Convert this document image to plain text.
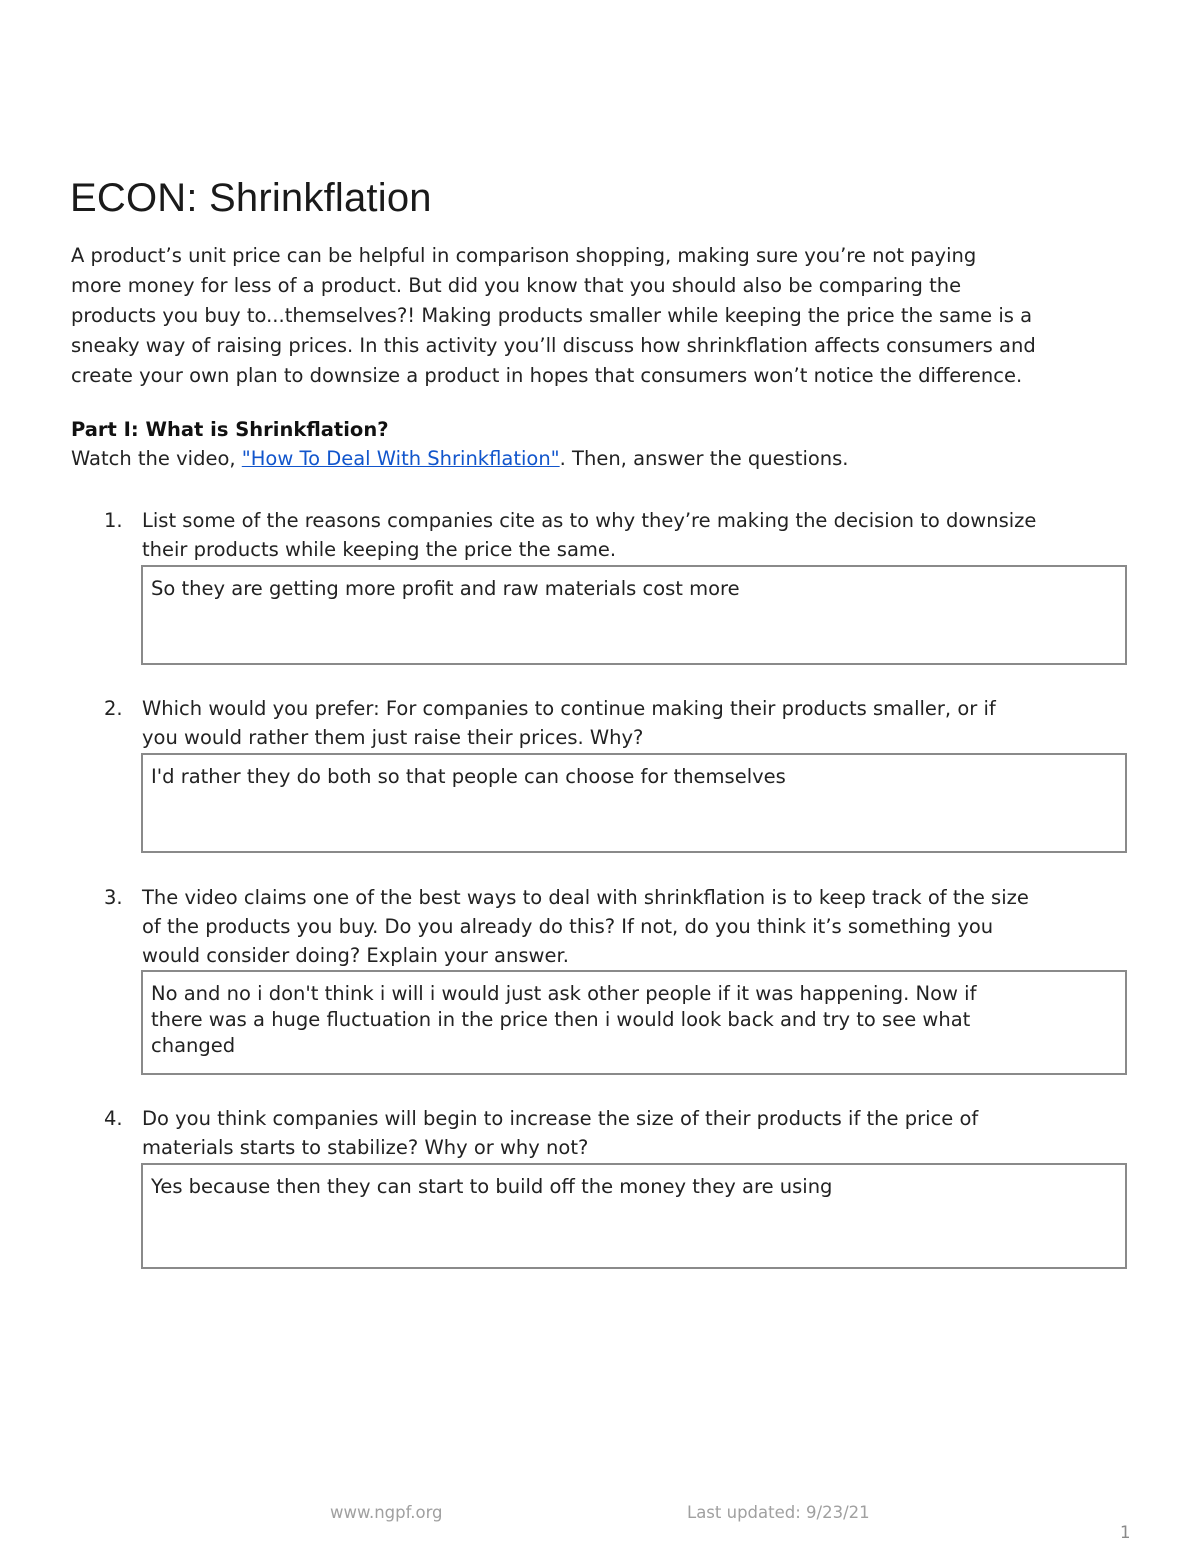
ECON: Shrinkflation
A product’s unit price can be helpful in comparison shopping, making sure you’re not paying
more money for less of a product. But did you know that you should also be comparing the
products you buy to...themselves?! Making products smaller while keeping the price the same is a
sneaky way of raising prices. In this activity you’ll discuss how shrinkflation affects consumers and
create your own plan to downsize a product in hopes that consumers won’t notice the difference.
Part I: What is Shrinkflation?
Watch the video, "How To Deal With Shrinkflation". Then, answer the questions.
1. List some of the reasons companies cite as to why they’re making the decision to downsize
their products while keeping the price the same.
So they are getting more profit and raw materials cost more
2. Which would you prefer: For companies to continue making their products smaller, or if
you would rather them just raise their prices. Why?
I'd rather they do both so that people can choose for themselves
3. The video claims one of the best ways to deal with shrinkflation is to keep track of the size
of the products you buy. Do you already do this? If not, do you think it’s something you
would consider doing? Explain your answer.
No and no i don't think i will i would just ask other people if it was happening. Now if
there was a huge fluctuation in the price then i would look back and try to see what
changed
4. Do you think companies will begin to increase the size of their products if the price of
materials starts to stabilize? Why or why not?
Yes because then they can start to build off the money they are using
www.ngpf.org	Last updated: 9/23/21
1
